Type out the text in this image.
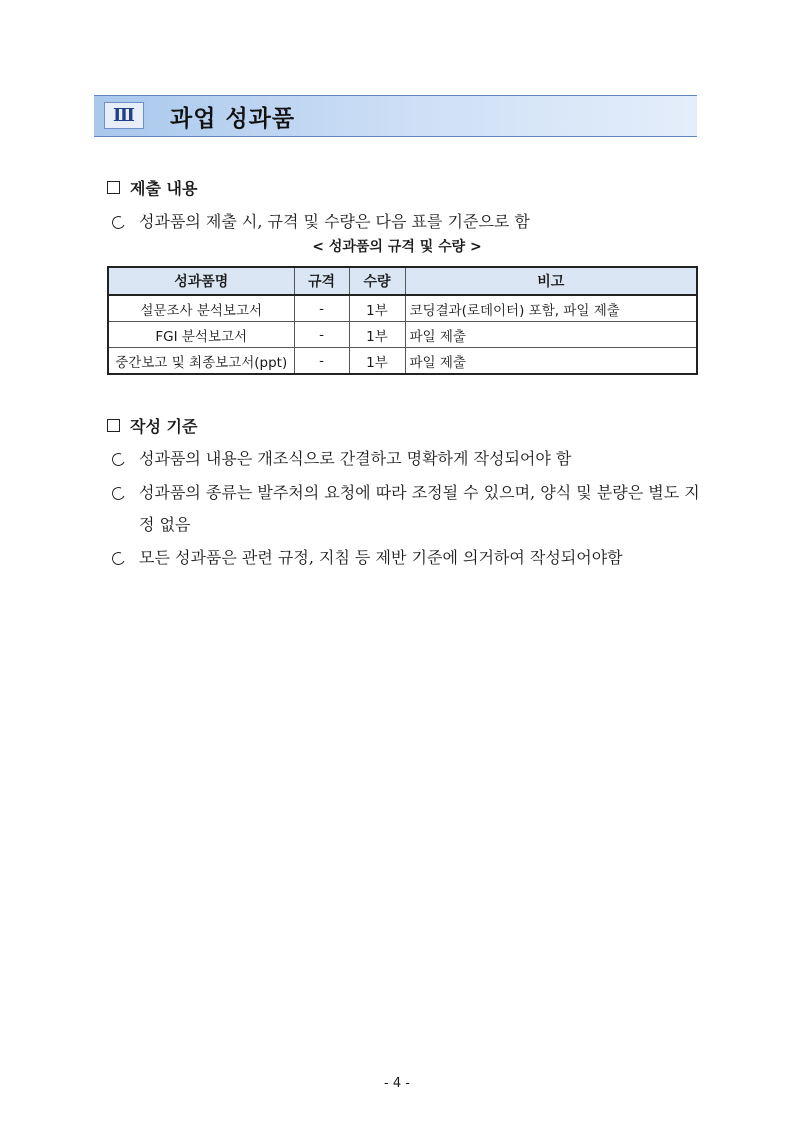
Ⅲ	과업 성과품
제출 내용
성과품의 제출 시, 규격 및 수량은 다음 표를 기준으로 함
< 성과품의 규격 및 수량 >
성과품명	규격	수량	비고
설문조사 분석보고서	-	1부	코딩결과(로데이터) 포함, 파일 제출
FGI 분석보고서	-	1부	파일 제출
중간보고 및 최종보고서(ppt)	-	1부	파일 제출
작성 기준
성과품의 내용은 개조식으로 간결하고 명확하게 작성되어야 함
성과품의 종류는 발주처의 요청에 따라 조정될 수 있으며, 양식 및 분량은 별도 지정 없음
모든 성과품은 관련 규정, 지침 등 제반 기준에 의거하여 작성되어야함
- 4 -
